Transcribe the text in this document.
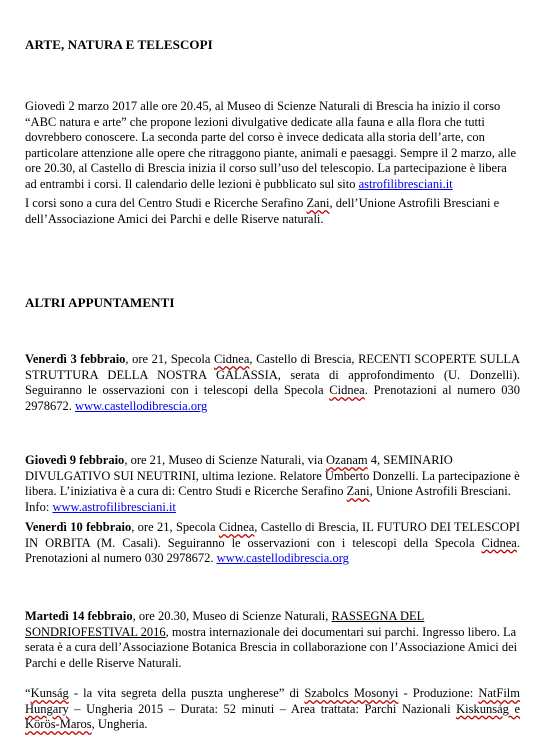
ARTE, NATURA E TELESCOPI

Giovedì 2 marzo 2017 alle ore 20.45, al Museo di Scienze Naturali di Brescia ha inizio il corso “ABC natura e arte” che propone lezioni divulgative dedicate alla fauna e alla flora che tutti dovrebbero conoscere. La seconda parte del corso è invece dedicata alla storia dell’arte, con particolare attenzione alle opere che ritraggono piante, animali e paesaggi. Sempre il 2 marzo, alle ore 20.30, al Castello di Brescia inizia il corso sull’uso del telescopio. La partecipazione è libera ad entrambi i corsi. Il calendario delle lezioni è pubblicato sul sito astrofilibresciani.it

I corsi sono a cura del Centro Studi e Ricerche Serafino Zani, dell’Unione Astrofili Bresciani e dell’Associazione Amici dei Parchi e delle Riserve naturali.

ALTRI APPUNTAMENTI

Venerdì 3 febbraio, ore 21, Specola Cidnea, Castello di Brescia, RECENTI SCOPERTE SULLA STRUTTURA DELLA NOSTRA GALASSIA, serata di approfondimento (U. Donzelli). Seguiranno le osservazioni con i telescopi della Specola Cidnea. Prenotazioni al numero 030 2978672. www.castellodibrescia.org

Giovedì 9 febbraio, ore 21, Museo di Scienze Naturali, via Ozanam 4, SEMINARIO DIVULGATIVO SUI NEUTRINI, ultima lezione. Relatore Umberto Donzelli. La partecipazione è libera. L’iniziativa è a cura di: Centro Studi e Ricerche Serafino Zani, Unione Astrofili Bresciani. Info: www.astrofilibresciani.it

Venerdì 10 febbraio, ore 21, Specola Cidnea, Castello di Brescia, IL FUTURO DEI TELESCOPI IN ORBITA (M. Casali). Seguiranno le osservazioni con i telescopi della Specola Cidnea. Prenotazioni al numero 030 2978672. www.castellodibrescia.org

Martedì 14 febbraio, ore 20.30, Museo di Scienze Naturali, RASSEGNA DEL SONDRIOFESTIVAL 2016, mostra internazionale dei documentari sui parchi. Ingresso libero. La serata è a cura dell’Associazione Botanica Brescia in collaborazione con l’Associazione Amici dei Parchi e delle Riserve Naturali.

“Kunság - la vita segreta della puszta ungherese” di Szabolcs Mosonyi - Produzione: NatFilm Hungary – Ungheria 2015 – Durata: 52 minuti – Area trattata: Parchi Nazionali Kiskunság e Körös-Maros, Ungheria.
